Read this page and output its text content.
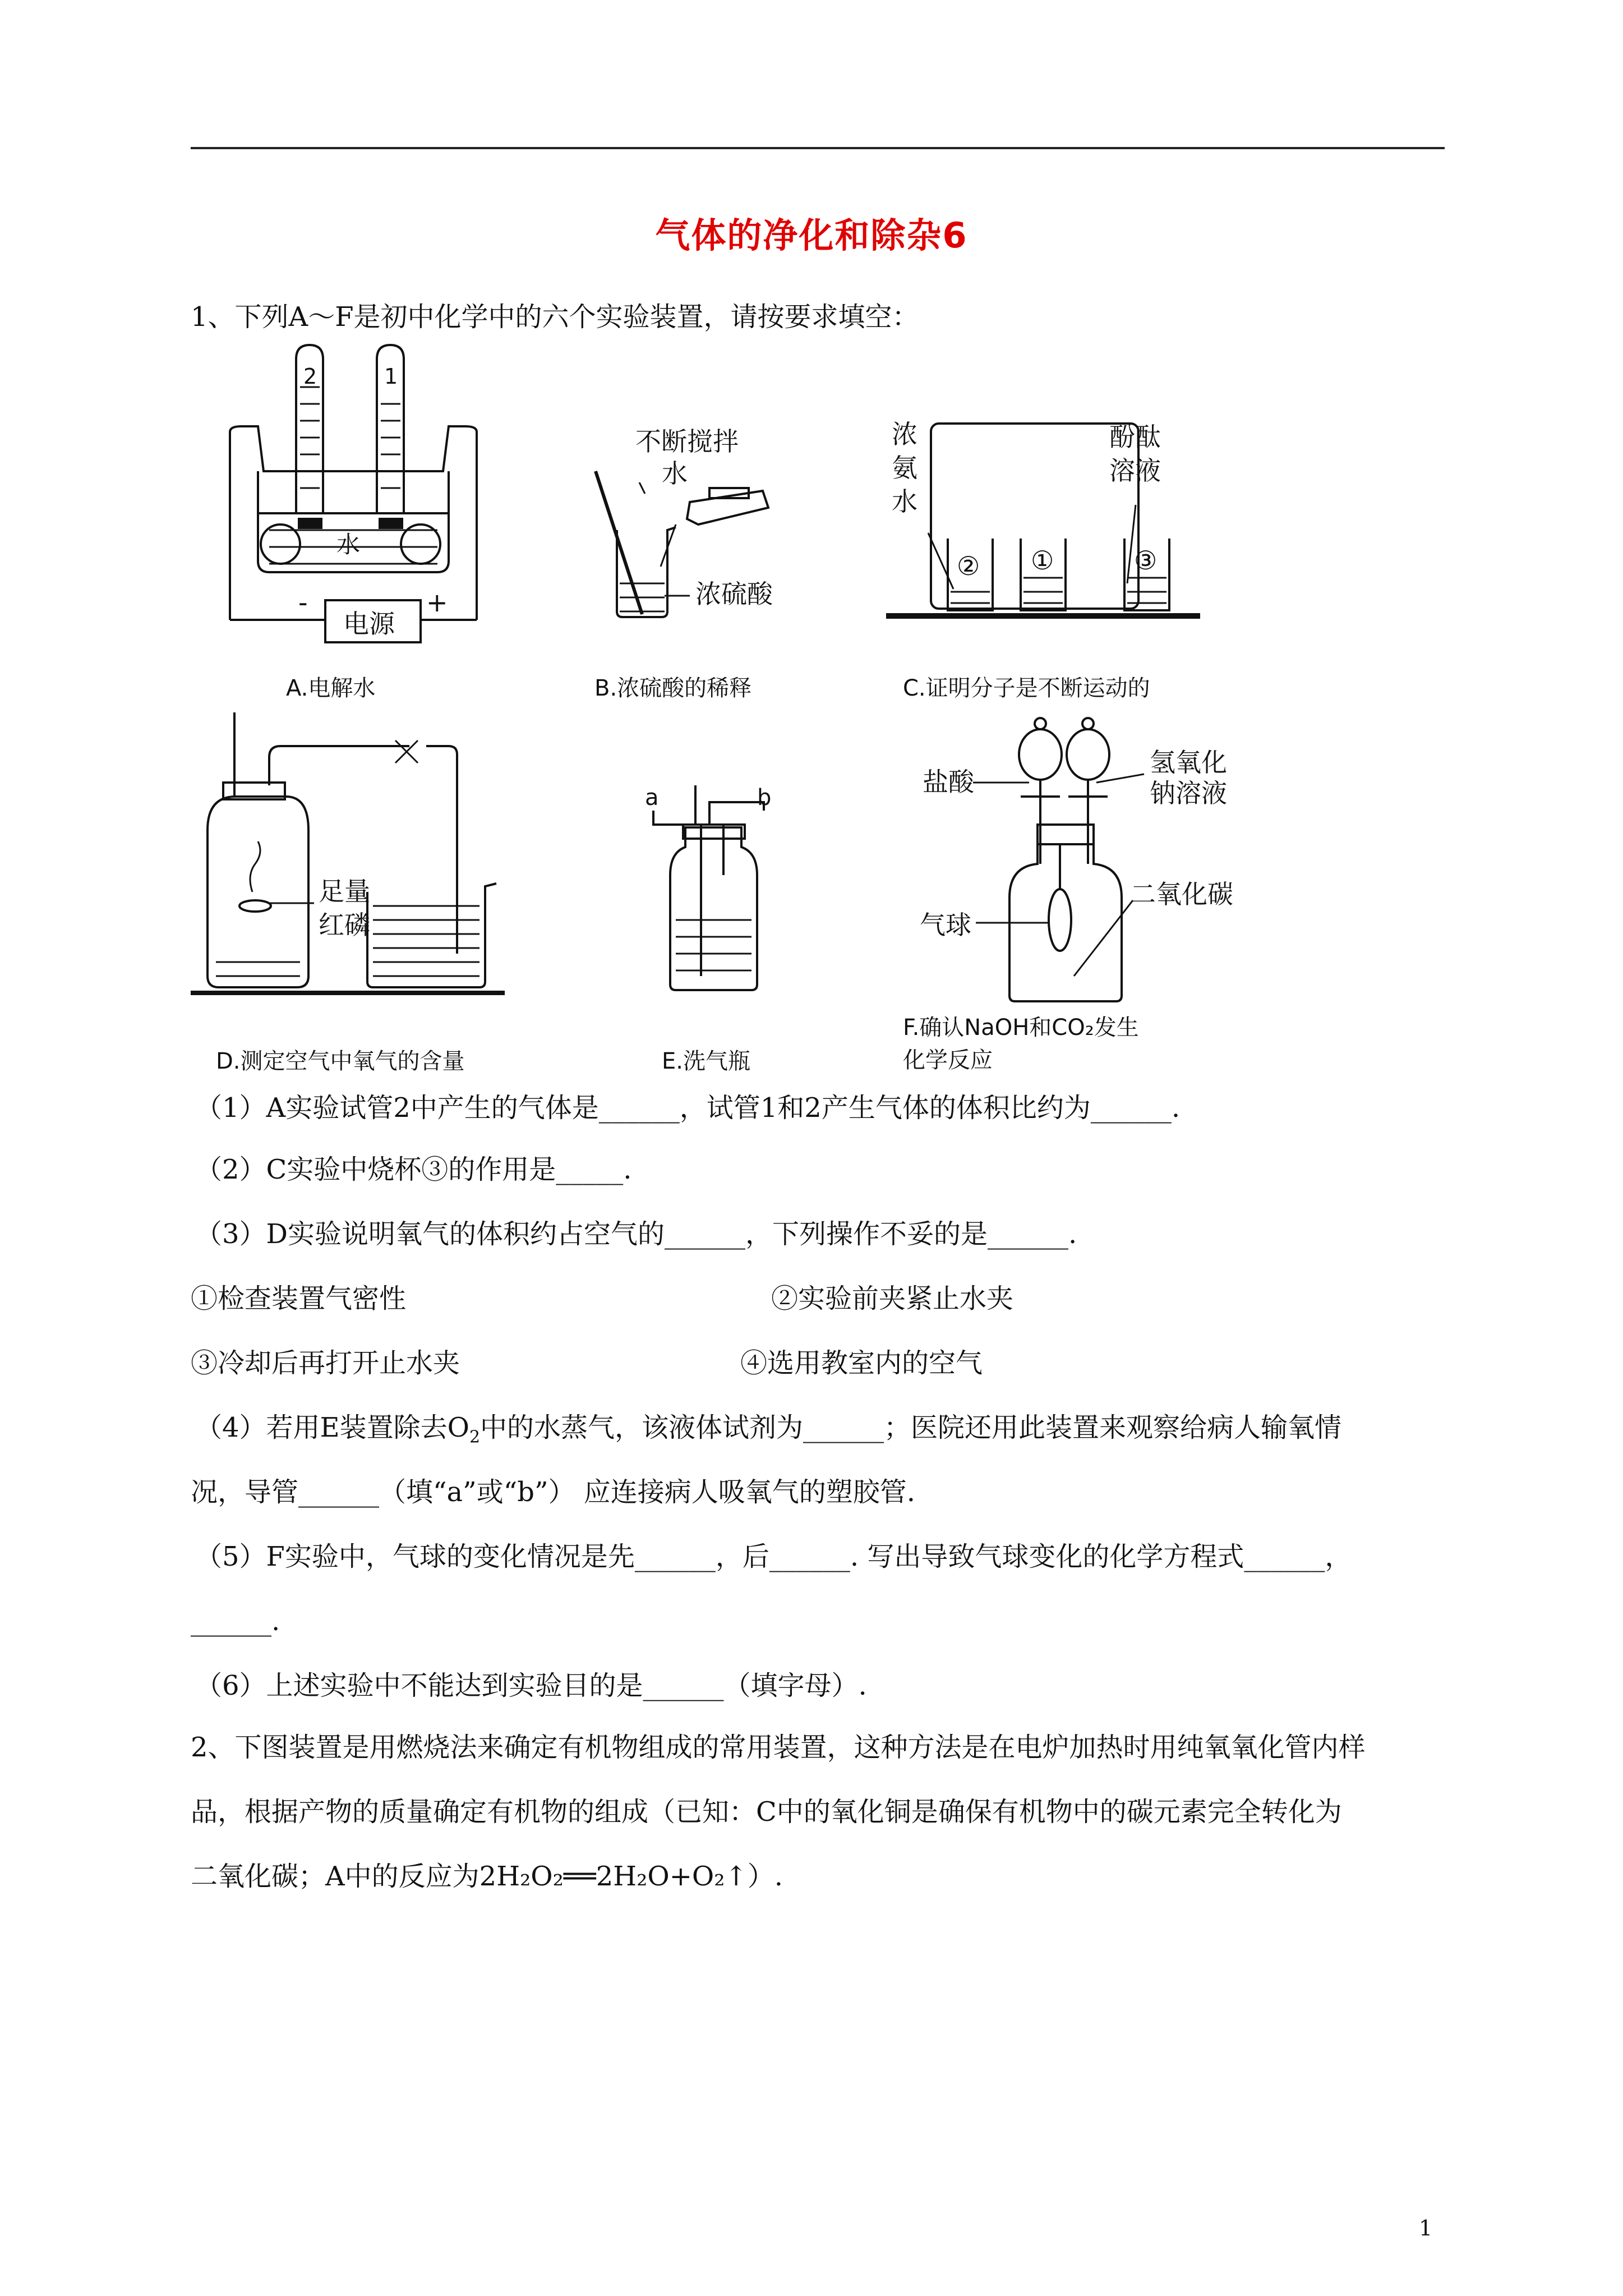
气体的净化和除杂6
1、下列A～F是初中化学中的六个实验装置，请按要求填空：
2	1
水
-	+
电源
不断搅拌
水
浓硫酸
浓
氨
水
酚酞
溶液
② ①	③
足量
红磷
a	b
盐酸
氢氧化
钠溶液
二氧化碳
气球
A.电解水	B.浓硫酸的稀释	C.证明分子是不断运动的
D.测定空气中氧气的含量	E.洗气瓶
F.确认NaOH和CO₂发生
化学反应
（1）A实验试管2中产生的气体是______，试管1和2产生气体的体积比约为______.
（2）C实验中烧杯③的作用是_____.
（3）D实验说明氧气的体积约占空气的______，下列操作不妥的是______.
①检查装置气密性	②实验前夹紧止水夹
③冷却后再打开止水夹	④选用教室内的空气
（4）若用E装置除去$O_2$中的水蒸气，该液体试剂为______；医院还用此装置来观察给病人输氧情
况，导管______（填“a”或“b”） 应连接病人吸氧气的塑胶管.
（5）F实验中，气球的变化情况是先______，后______. 写出导致气球变化的化学方程式______，
______.
（6）上述实验中不能达到实验目的是______（填字母）.
2、下图装置是用燃烧法来确定有机物组成的常用装置，这种方法是在电炉加热时用纯氧氧化管内样
品，根据产物的质量确定有机物的组成（已知：C中的氧化铜是确保有机物中的碳元素完全转化为
二氧化碳；A中的反应为2H₂O₂══2H₂O+O₂↑）.
1
